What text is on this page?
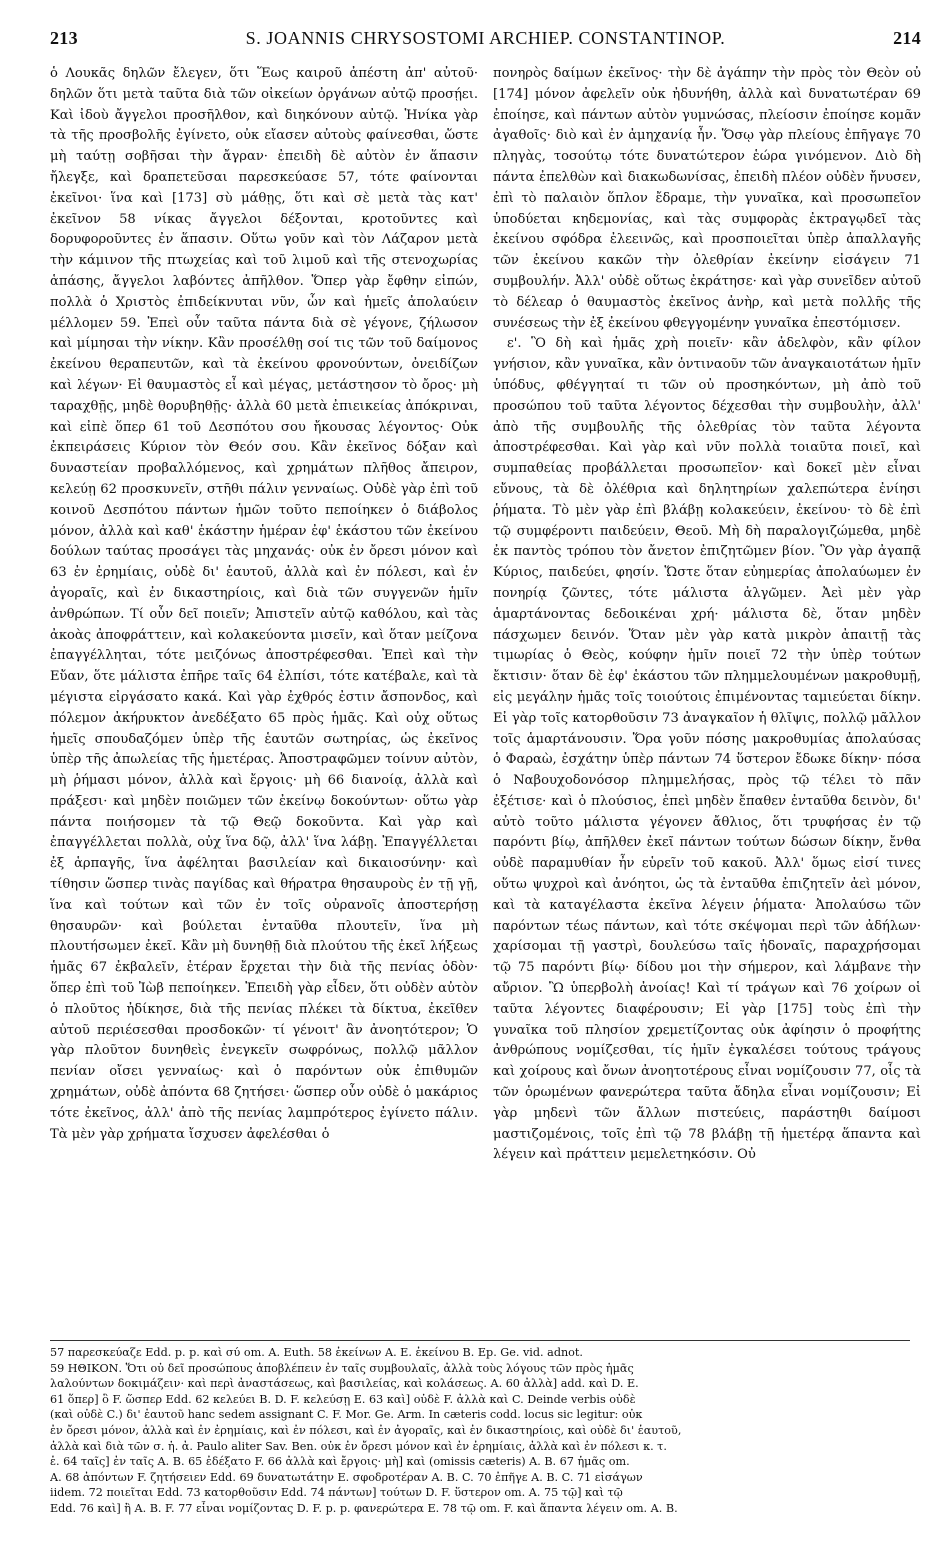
213	S. JOANNIS CHRYSOSTOMI ARCHIEP. CONSTANTINOP.	214

ὁ Λουκᾶς δηλῶν ἔλεγεν, ὅτι Ἕως καιροῦ ἀπέστη ἀπ' αὐτοῦ· δηλῶν ὅτι μετὰ ταῦτα διὰ τῶν οἰκείων ὀργάνων αὐτῷ προσῄει. Καὶ ἰδοὺ ἄγγελοι προσῆλθον, καὶ διηκόνουν αὐτῷ. Ἡνίκα γὰρ τὰ τῆς προσβολῆς ἐγίνετο, οὐκ εἴασεν αὐτοὺς φαίνεσθαι, ὥστε μὴ ταύτῃ σοβῆσαι τὴν ἄγραν· ἐπειδὴ δὲ αὐτὸν ἐν ἅπασιν ἤλεγξε, καὶ δραπετεῦσαι παρεσκεύασε 57, τότε φαίνονται ἐκεῖνοι· ἵνα καὶ [173] σὺ μάθῃς, ὅτι καὶ σὲ μετὰ τὰς κατ' ἐκεῖνον 58 νίκας ἄγγελοι δέξονται, κροτοῦντες καὶ δορυφοροῦντες ἐν ἅπασιν. Οὕτω γοῦν καὶ τὸν Λάζαρον μετὰ τὴν κάμινον τῆς πτωχείας καὶ τοῦ λιμοῦ καὶ τῆς στενοχωρίας ἁπάσης, ἄγγελοι λαβόντες ἀπῆλθον. Ὅπερ γὰρ ἔφθην εἰπών, πολλὰ ὁ Χριστὸς ἐπιδείκνυται νῦν, ὧν καὶ ἡμεῖς ἀπολαύειν μέλλομεν 59. Ἐπεὶ οὖν ταῦτα πάντα διὰ σὲ γέγονε, ζήλωσον καὶ μίμησαι τὴν νίκην. Κἂν προσέλθῃ σοί τις τῶν τοῦ δαίμονος ἐκείνου θεραπευτῶν, καὶ τὰ ἐκείνου φρονούντων, ὀνειδίζων καὶ λέγων· Εἰ θαυμαστὸς εἶ καὶ μέγας, μετάστησον τὸ ὄρος· μὴ ταραχθῇς, μηδὲ θορυβηθῇς· ἀλλὰ 60 μετὰ ἐπιεικείας ἀπόκριναι, καὶ εἰπὲ ὅπερ 61 τοῦ Δεσπότου σου ἤκουσας λέγοντος· Οὐκ ἐκπειράσεις Κύριον τὸν Θεόν σου. Κἂν ἐκεῖνος δόξαν καὶ δυναστείαν προβαλλόμενος, καὶ χρημάτων πλῆθος ἄπειρον, κελεύῃ 62 προσκυνεῖν, στῆθι πάλιν γενναίως. Οὐδὲ γὰρ ἐπὶ τοῦ κοινοῦ Δεσπότου πάντων ἡμῶν τοῦτο πεποίηκεν ὁ διάβολος μόνον, ἀλλὰ καὶ καθ' ἑκάστην ἡμέραν ἐφ' ἑκάστου τῶν ἐκείνου δούλων ταύτας προσάγει τὰς μηχανάς· οὐκ ἐν ὄρεσι μόνον καὶ 63 ἐν ἐρημίαις, οὐδὲ δι' ἑαυτοῦ, ἀλλὰ καὶ ἐν πόλεσι, καὶ ἐν ἀγοραῖς, καὶ ἐν δικαστηρίοις, καὶ διὰ τῶν συγγενῶν ἡμῖν ἀνθρώπων. Τί οὖν δεῖ ποιεῖν; Ἀπιστεῖν αὐτῷ καθόλου, καὶ τὰς ἀκοὰς ἀποφράττειν, καὶ κολακεύοντα μισεῖν, καὶ ὅταν μείζονα ἐπαγγέλληται, τότε μειζόνως ἀποστρέφεσθαι. Ἐπεὶ καὶ τὴν Εὔαν, ὅτε μάλιστα ἐπῆρε ταῖς 64 ἐλπίσι, τότε κατέβαλε, καὶ τὰ μέγιστα εἰργάσατο κακά. Καὶ γὰρ ἐχθρός ἐστιν ἄσπονδος, καὶ πόλεμον ἀκήρυκτον ἀνεδέξατο 65 πρὸς ἡμᾶς. Καὶ οὐχ οὕτως ἡμεῖς σπουδαζόμεν ὑπὲρ τῆς ἑαυτῶν σωτηρίας, ὡς ἐκεῖνος ὑπὲρ τῆς ἀπωλείας τῆς ἡμετέρας. Ἀποστραφῶμεν τοίνυν αὐτὸν, μὴ ῥήμασι μόνον, ἀλλὰ καὶ ἔργοις· μὴ 66 διανοίᾳ, ἀλλὰ καὶ πράξεσι· καὶ μηδὲν ποιῶμεν τῶν ἐκείνῳ δοκούντων· οὕτω γὰρ πάντα ποιήσομεν τὰ τῷ Θεῷ δοκοῦντα. Καὶ γὰρ καὶ ἐπαγγέλλεται πολλὰ, οὐχ ἵνα δῷ, ἀλλ' ἵνα λάβῃ. Ἐπαγγέλλεται ἐξ ἁρπαγῆς, ἵνα ἀφέληται βασιλείαν καὶ δικαιοσύνην· καὶ τίθησιν ὥσπερ τινὰς παγίδας καὶ θήρατρα θησαυροὺς ἐν τῇ γῇ, ἵνα καὶ τούτων καὶ τῶν ἐν τοῖς οὐρανοῖς ἀποστερήσῃ θησαυρῶν· καὶ βούλεται ἐνταῦθα πλουτεῖν, ἵνα μὴ πλουτήσωμεν ἐκεῖ. Κἂν μὴ δυνηθῇ διὰ πλούτου τῆς ἐκεῖ λήξεως ἡμᾶς 67 ἐκβαλεῖν, ἑτέραν ἔρχεται τὴν διὰ τῆς πενίας ὁδὸν· ὅπερ ἐπὶ τοῦ Ἰὼβ πεποίηκεν. Ἐπειδὴ γὰρ εἶδεν, ὅτι οὐδὲν αὐτὸν ὁ πλοῦτος ἠδίκησε, διὰ τῆς πενίας πλέκει τὰ δίκτυα, ἐκεῖθεν αὐτοῦ περιέσεσθαι προσδοκῶν· τί γένοιτ' ἂν ἀνοητότερον; Ὁ γὰρ πλοῦτον δυνηθεὶς ἐνεγκεῖν σωφρόνως, πολλῷ μᾶλλον πενίαν οἴσει γενναίως· καὶ ὁ παρόντων οὐκ ἐπιθυμῶν χρημάτων, οὐδὲ ἀπόντα 68 ζητήσει· ὥσπερ οὖν οὐδὲ ὁ μακάριος τότε ἐκεῖνος, ἀλλ' ἀπὸ τῆς πενίας λαμπρότερος ἐγίνετο πάλιν. Τὰ μὲν γὰρ χρήματα ἴσχυσεν ἀφελέσθαι ὁ

πονηρὸς δαίμων ἐκεῖνος· τὴν δὲ ἀγάπην τὴν πρὸς τὸν Θεὸν οὐ [174] μόνον ἀφελεῖν οὐκ ἠδυνήθη, ἀλλὰ καὶ δυνατωτέραν 69 ἐποίησε, καὶ πάντων αὐτὸν γυμνώσας, πλείοσιν ἐποίησε κομᾶν ἀγαθοῖς· διὸ καὶ ἐν ἀμηχανίᾳ ἦν. Ὅσῳ γὰρ πλείους ἐπῆγαγε 70 πληγὰς, τοσούτῳ τότε δυνατώτερον ἑώρα γινόμενον. Διὸ δὴ πάντα ἐπελθὼν καὶ διακωδωνίσας, ἐπειδὴ πλέον οὐδὲν ἤνυσεν, ἐπὶ τὸ παλαιὸν ὅπλον ἔδραμε, τὴν γυναῖκα, καὶ προσωπεῖον ὑποδύεται κηδεμονίας, καὶ τὰς συμφορὰς ἐκτραγῳδεῖ τὰς ἐκείνου σφόδρα ἐλεεινῶς, καὶ προσποιεῖται ὑπὲρ ἀπαλλαγῆς τῶν ἐκείνου κακῶν τὴν ὀλεθρίαν ἐκείνην εἰσάγειν 71 συμβουλήν. Ἀλλ' οὐδὲ οὕτως ἐκράτησε· καὶ γὰρ συνεῖδεν αὐτοῦ τὸ δέλεαρ ὁ θαυμαστὸς ἐκεῖνος ἀνὴρ, καὶ μετὰ πολλῆς τῆς συνέσεως τὴν ἐξ ἐκείνου φθεγγομένην γυναῖκα ἐπεστόμισεν.

ε'. Ὃ δὴ καὶ ἡμᾶς χρὴ ποιεῖν· κἂν ἀδελφὸν, κἂν φίλον γνήσιον, κἂν γυναῖκα, κἂν ὁντιναοῦν τῶν ἀναγκαιοτάτων ἡμῖν ὑπόδυς, φθέγγηταί τι τῶν οὐ προσηκόντων, μὴ ἀπὸ τοῦ προσώπου τοῦ ταῦτα λέγοντος δέχεσθαι τὴν συμβουλὴν, ἀλλ' ἀπὸ τῆς συμβουλῆς τῆς ὀλεθρίας τὸν ταῦτα λέγοντα ἀποστρέφεσθαι. Καὶ γὰρ καὶ νῦν πολλὰ τοιαῦτα ποιεῖ, καὶ συμπαθείας προβάλλεται προσωπεῖον· καὶ δοκεῖ μὲν εἶναι εὔνους, τὰ δὲ ὀλέθρια καὶ δηλητηρίων χαλεπώτερα ἐνίησι ῥήματα. Τὸ μὲν γὰρ ἐπὶ βλάβῃ κολακεύειν, ἐκείνου· τὸ δὲ ἐπὶ τῷ συμφέροντι παιδεύειν, Θεοῦ. Μὴ δὴ παραλογιζώμεθα, μηδὲ ἐκ παντὸς τρόπου τὸν ἄνετον ἐπιζητῶμεν βίον. Ὃν γὰρ ἀγαπᾷ Κύριος, παιδεύει, φησίν. Ὥστε ὅταν εὐημερίας ἀπολαύωμεν ἐν πονηρίᾳ ζῶντες, τότε μάλιστα ἀλγῶμεν. Ἀεὶ μὲν γὰρ ἁμαρτάνοντας δεδοικέναι χρή· μάλιστα δὲ, ὅταν μηδὲν πάσχωμεν δεινόν. Ὅταν μὲν γὰρ κατὰ μικρὸν ἀπαιτῇ τὰς τιμωρίας ὁ Θεὸς, κούφην ἡμῖν ποιεῖ 72 τὴν ὑπὲρ τούτων ἔκτισιν· ὅταν δὲ ἐφ' ἑκάστου τῶν πλημμελουμένων μακροθυμῇ, εἰς μεγάλην ἡμᾶς τοῖς τοιούτοις ἐπιμένοντας ταμιεύεται δίκην. Εἰ γὰρ τοῖς κατορθοῦσιν 73 ἀναγκαῖον ἡ θλῖψις, πολλῷ μᾶλλον τοῖς ἁμαρτάνουσιν. Ὅρα γοῦν πόσης μακροθυμίας ἀπολαύσας ὁ Φαραὼ, ἐσχάτην ὑπὲρ πάντων 74 ὕστερον ἔδωκε δίκην· πόσα ὁ Ναβουχοδονόσορ πλημμελήσας, πρὸς τῷ τέλει τὸ πᾶν ἐξέτισε· καὶ ὁ πλούσιος, ἐπεὶ μηδὲν ἔπαθεν ἐνταῦθα δεινὸν, δι' αὐτὸ τοῦτο μάλιστα γέγονεν ἄθλιος, ὅτι τρυφήσας ἐν τῷ παρόντι βίῳ, ἀπῆλθεν ἐκεῖ πάντων τούτων δώσων δίκην, ἔνθα οὐδὲ παραμυθίαν ἦν εὑρεῖν τοῦ κακοῦ. Ἀλλ' ὅμως εἰσί τινες οὕτω ψυχροὶ καὶ ἀνόητοι, ὡς τὰ ἐνταῦθα ἐπιζητεῖν ἀεὶ μόνον, καὶ τὰ καταγέλαστα ἐκεῖνα λέγειν ῥήματα· Ἀπολαύσω τῶν παρόντων τέως πάντων, καὶ τότε σκέψομαι περὶ τῶν ἀδήλων· χαρίσομαι τῇ γαστρὶ, δουλεύσω ταῖς ἡδοναῖς, παραχρήσομαι τῷ 75 παρόντι βίῳ· δίδου μοι τὴν σήμερον, καὶ λάμβανε τὴν αὔριον. Ὢ ὑπερβολὴ ἀνοίας! Καὶ τί τράγων καὶ 76 χοίρων οἱ ταῦτα λέγοντες διαφέρουσιν; Εἰ γὰρ [175] τοὺς ἐπὶ τὴν γυναῖκα τοῦ πλησίον χρεμετίζοντας οὐκ ἀφίησιν ὁ προφήτης ἀνθρώπους νομίζεσθαι, τίς ἡμῖν ἐγκαλέσει τούτους τράγους καὶ χοίρους καὶ ὄνων ἀνοητοτέρους εἶναι νομίζουσιν 77, οἷς τὰ τῶν ὁρωμένων φανερώτερα ταῦτα ἄδηλα εἶναι νομίζουσιν; Εἰ γὰρ μηδενὶ τῶν ἄλλων πιστεύεις, παράστηθι δαίμοσι μαστιζομένοις, τοῖς ἐπὶ τῷ 78 βλάβῃ τῇ ἡμετέρᾳ ἅπαντα καὶ λέγειν καὶ πράττειν μεμελετηκόσιν. Οὐ

57 παρεσκεύαζε Edd. p. p. καὶ σύ om. A. Euth. 58 ἐκείνων A. E. ἐκείνου B. Ep. Ge. vid. adnot.
59 ΗΘΙΚΟΝ. Ὅτι οὐ δεῖ προσώπους ἀποβλέπειν ἐν ταῖς συμβουλαῖς, ἀλλὰ τοὺς λόγους τῶν πρὸς ἡμᾶς
λαλούντων δοκιμάζειν· καὶ περὶ ἀναστάσεως, καὶ βασιλείας, καὶ κολάσεως. A. 60 ἀλλὰ] add. καὶ D. E.
61 ὅπερ] ὃ F. ὥσπερ Edd. 62 κελεύει B. D. F. κελεύσῃ E. 63 καὶ] οὐδὲ F. ἀλλὰ καὶ C. Deinde verbis οὐδὲ
(καὶ οὐδὲ C.) δι' ἑαυτοῦ hanc sedem assignant C. F. Mor. Ge. Arm. In cæteris codd. locus sic legitur: οὐκ
ἐν ὄρεσι μόνον, ἀλλὰ καὶ ἐν ἐρημίαις, καὶ ἐν πόλεσι, καὶ ἐν ἀγοραῖς, καὶ ἐν δικαστηρίοις, καὶ οὐδὲ δι' ἑαυτοῦ,
ἀλλὰ καὶ διὰ τῶν σ. ἡ. ἀ. Paulo aliter Sav. Ben. οὐκ ἐν ὄρεσι μόνον καὶ ἐν ἐρημίαις, ἀλλὰ καὶ ἐν πόλεσι κ. τ.
ἑ. 64 ταῖς] ἐν ταῖς A. B. 65 ἐδέξατο F. 66 ἀλλὰ καὶ ἔργοις· μὴ] καὶ (omissis cæteris) A. B. 67 ἡμᾶς om.
A. 68 ἀπόντων F. ζητήσειεν Edd. 69 δυνατωτάτην E. σφοδροτέραν A. B. C. 70 ἐπῆγε A. B. C. 71 εἰσάγων
iidem. 72 ποιεῖται Edd. 73 κατορθοῦσιν Edd. 74 πάντων] τούτων D. F. ὕστερον om. A. 75 τῷ] καὶ τῷ
Edd. 76 καὶ] ἢ A. B. F. 77 εἶναι νομίζοντας D. F. p. p. φανερώτερα E. 78 τῷ om. F. καὶ ἅπαντα λέγειν om. A. B.
